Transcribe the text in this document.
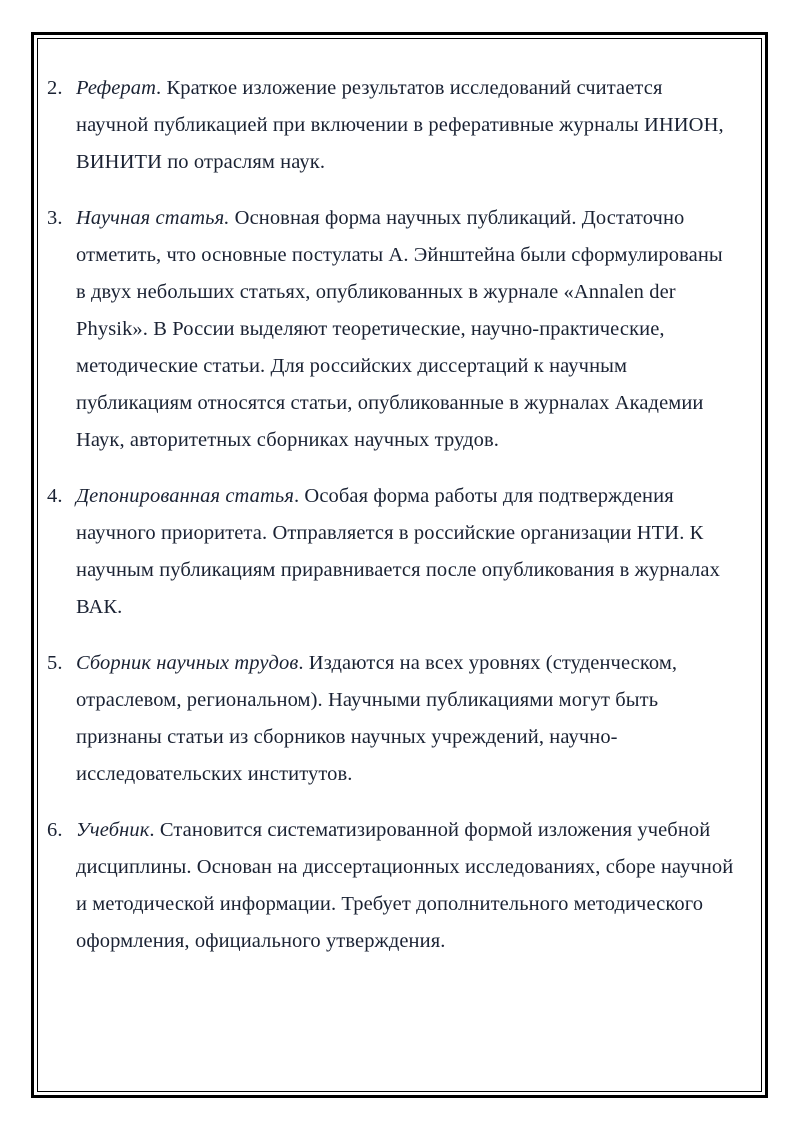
2. Реферат. Краткое изложение результатов исследований считается научной публикацией при включении в реферативные журналы ИНИОН, ВИНИТИ по отраслям наук.
3. Научная статья. Основная форма научных публикаций. Достаточно отметить, что основные постулаты А. Эйнштейна были сформулированы в двух небольших статьях, опубликованных в журнале «Annalen der Physik». В России выделяют теоретические, научно-практические, методические статьи. Для российских диссертаций к научным публикациям относятся статьи, опубликованные в журналах Академии Наук, авторитетных сборниках научных трудов.
4. Депонированная статья. Особая форма работы для подтверждения научного приоритета. Отправляется в российские организации НТИ. К научным публикациям приравнивается после опубликования в журналах ВАК.
5. Сборник научных трудов. Издаются на всех уровнях (студенческом, отраслевом, региональном). Научными публикациями могут быть признаны статьи из сборников научных учреждений, научно-исследовательских институтов.
6. Учебник. Становится систематизированной формой изложения учебной дисциплины. Основан на диссертационных исследованиях, сборе научной и методической информации. Требует дополнительного методического оформления, официального утверждения.
